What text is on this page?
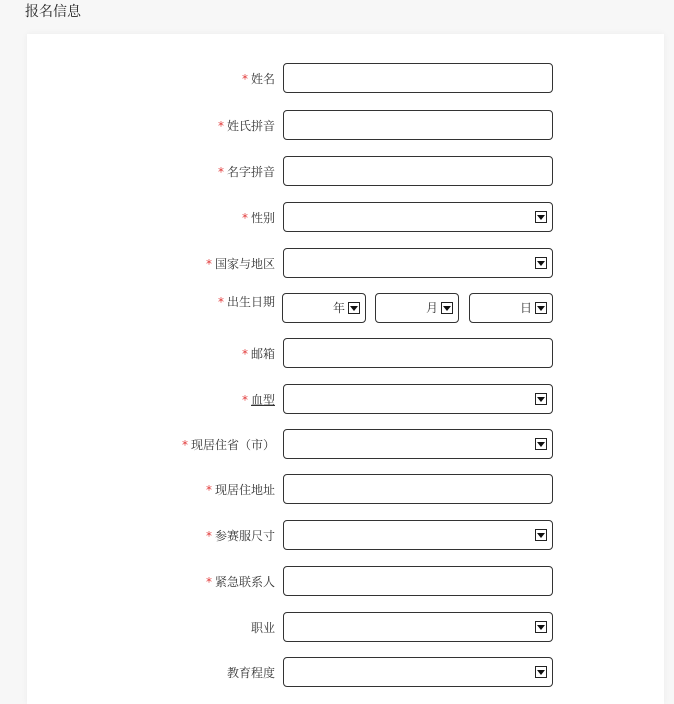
报名信息
* 姓名
* 姓氏拼音
* 名字拼音
* 性别
* 国家与地区
* 出生日期	年	月	日
* 邮箱
* 血型
* 现居住省（市）
* 现居住地址
* 参赛服尺寸
* 紧急联系人
职业
教育程度
